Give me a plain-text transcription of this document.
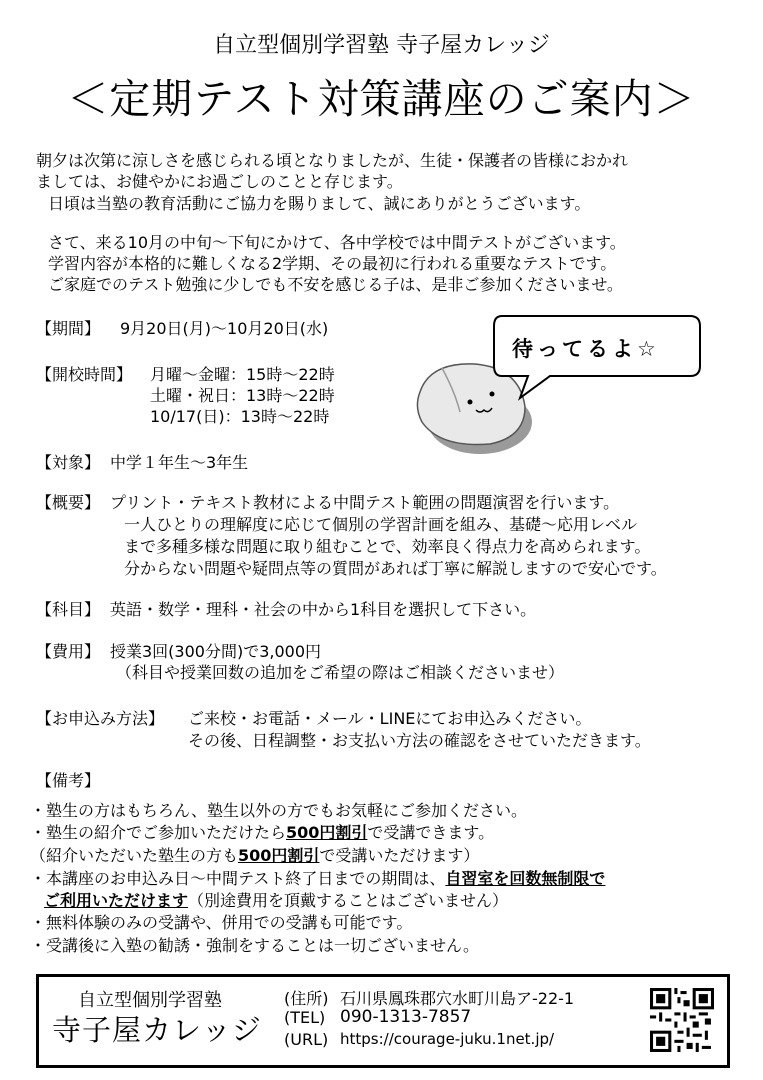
自立型個別学習塾 寺子屋カレッジ
＜定期テスト対策講座のご案内＞
朝夕は次第に涼しさを感じられる頃となりましたが、生徒・保護者の皆様におかれ
ましては、お健やかにお過ごしのことと存じます。
日頃は当塾の教育活動にご協力を賜りまして、誠にありがとうございます。
さて、来る10月の中旬～下旬にかけて、各中学校では中間テストがございます。
学習内容が本格的に難しくなる2学期、その最初に行われる重要なテストです。
ご家庭でのテスト勉強に少しでも不安を感じる子は、是非ご参加くださいませ。
【期間】 9月20日(月)～10月20日(水)
【開校時間】 月曜～金曜：15時～22時
土曜・祝日：13時～22時
10/17(日)：13時～22時
待ってるよ☆
【対象】 中学１年生～3年生
【概要】 プリント・テキスト教材による中間テスト範囲の問題演習を行います。
一人ひとりの理解度に応じて個別の学習計画を組み、基礎～応用レベル
まで多種多様な問題に取り組むことで、効率良く得点力を高められます。
分からない問題や疑問点等の質問があれば丁寧に解説しますので安心です。
【科目】 英語・数学・理科・社会の中から1科目を選択して下さい。
【費用】 授業3回(300分間)で3,000円
（科目や授業回数の追加をご希望の際はご相談くださいませ）
【お申込み方法】 ご来校・お電話・メール・LINEにてお申込みください。
その後、日程調整・お支払い方法の確認をさせていただきます。
【備考】
・塾生の方はもちろん、塾生以外の方でもお気軽にご参加ください。
・塾生の紹介でご参加いただけたら500円割引で受講できます。
（紹介いただいた塾生の方も500円割引で受講いただけます）
・本講座のお申込み日～中間テスト終了日までの期間は、自習室を回数無制限で
ご利用いただけます（別途費用を頂戴することはございません）
・無料体験のみの受講や、併用での受講も可能です。
・受講後に入塾の勧誘・強制をすることは一切ございません。
自立型個別学習塾
寺子屋カレッジ
(住所) 石川県鳳珠郡穴水町川島ア-22-1
(TEL) 090-1313-7857
(URL) https://courage-juku.1net.jp/
